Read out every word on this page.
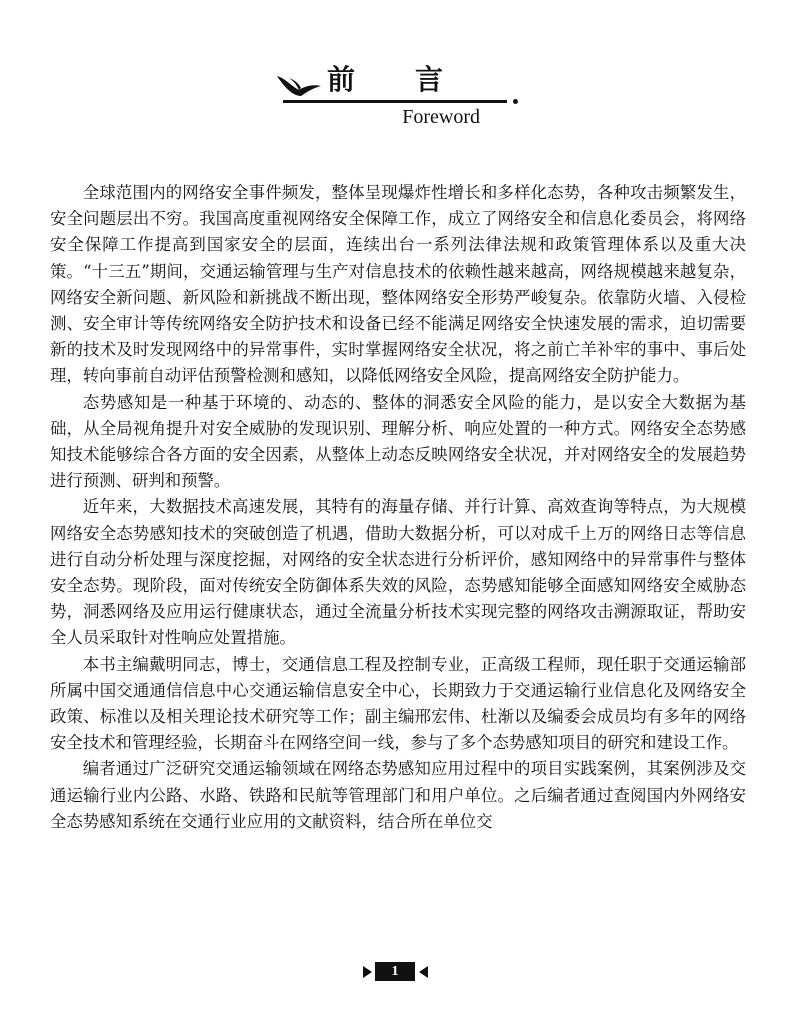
前言
Foreword

全球范围内的网络安全事件频发，整体呈现爆炸性增长和多样化态势，各种攻击频繁发生，安全问题层出不穷。我国高度重视网络安全保障工作，成立了网络安全和信息化委员会，将网络安全保障工作提高到国家安全的层面，连续出台一系列法律法规和政策管理体系以及重大决策。“十三五”期间，交通运输管理与生产对信息技术的依赖性越来越高，网络规模越来越复杂，网络安全新问题、新风险和新挑战不断出现，整体网络安全形势严峻复杂。依靠防火墙、入侵检测、安全审计等传统网络安全防护技术和设备已经不能满足网络安全快速发展的需求，迫切需要新的技术及时发现网络中的异常事件，实时掌握网络安全状况，将之前亡羊补牢的事中、事后处理，转向事前自动评估预警检测和感知，以降低网络安全风险，提高网络安全防护能力。

态势感知是一种基于环境的、动态的、整体的洞悉安全风险的能力，是以安全大数据为基础，从全局视角提升对安全威胁的发现识别、理解分析、响应处置的一种方式。网络安全态势感知技术能够综合各方面的安全因素，从整体上动态反映网络安全状况，并对网络安全的发展趋势进行预测、研判和预警。

近年来，大数据技术高速发展，其特有的海量存储、并行计算、高效查询等特点，为大规模网络安全态势感知技术的突破创造了机遇，借助大数据分析，可以对成千上万的网络日志等信息进行自动分析处理与深度挖掘，对网络的安全状态进行分析评价，感知网络中的异常事件与整体安全态势。现阶段，面对传统安全防御体系失效的风险，态势感知能够全面感知网络安全威胁态势，洞悉网络及应用运行健康状态，通过全流量分析技术实现完整的网络攻击溯源取证，帮助安全人员采取针对性响应处置措施。

本书主编戴明同志，博士，交通信息工程及控制专业，正高级工程师，现任职于交通运输部所属中国交通通信信息中心交通运输信息安全中心，长期致力于交通运输行业信息化及网络安全政策、标准以及相关理论技术研究等工作；副主编邢宏伟、杜渐以及编委会成员均有多年的网络安全技术和管理经验，长期奋斗在网络空间一线，参与了多个态势感知项目的研究和建设工作。

编者通过广泛研究交通运输领域在网络态势感知应用过程中的项目实践案例，其案例涉及交通运输行业内公路、水路、铁路和民航等管理部门和用户单位。之后编者通过查阅国内外网络安全态势感知系统在交通行业应用的文献资料，结合所在单位交

1
